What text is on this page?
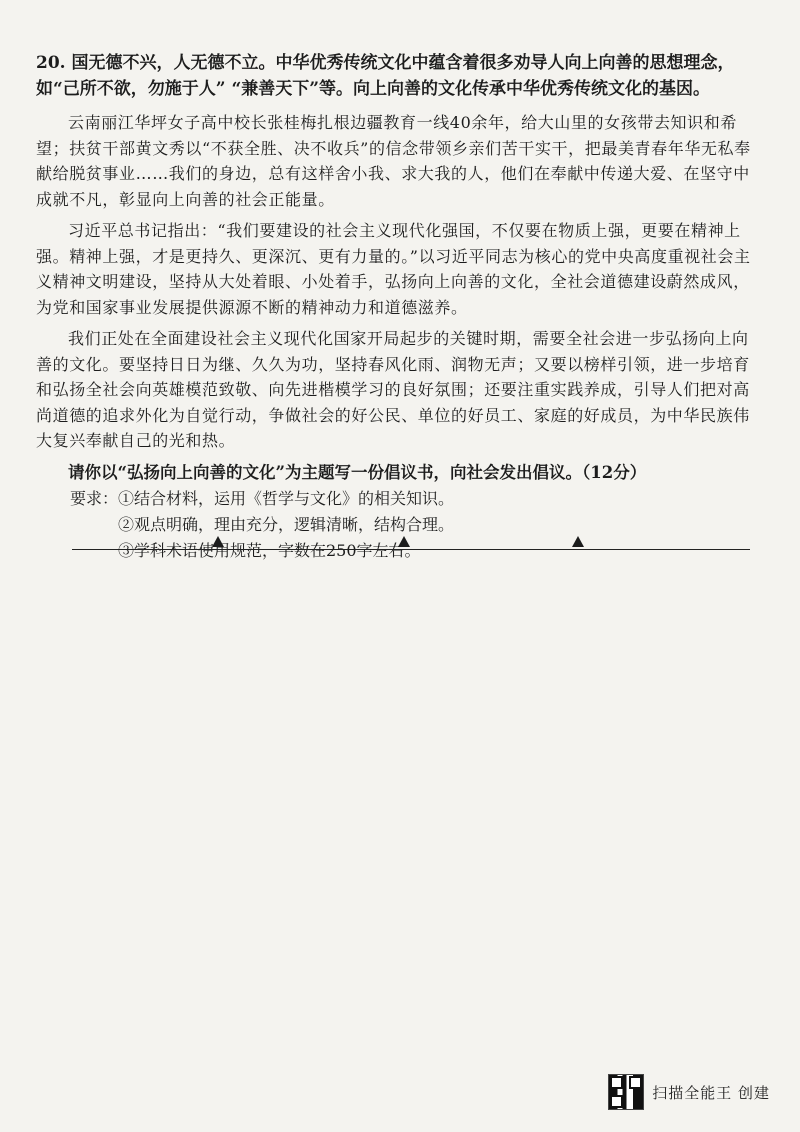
20. 国无德不兴，人无德不立。中华优秀传统文化中蕴含着很多劝导人向上向善的思想理念，

如“己所不欲，勿施于人” “兼善天下”等。向上向善的文化传承中华优秀传统文化的基因。

云南丽江华坪女子高中校长张桂梅扎根边疆教育一线40余年，给大山里的女孩带去知识和希望；扶贫干部黄文秀以“不获全胜、决不收兵”的信念带领乡亲们苦干实干，把最美青春年华无私奉献给脱贫事业……我们的身边，总有这样舍小我、求大我的人，他们在奉献中传递大爱、在坚守中成就不凡，彰显向上向善的社会正能量。

习近平总书记指出：“我们要建设的社会主义现代化强国，不仅要在物质上强，更要在精神上强。精神上强，才是更持久、更深沉、更有力量的。”以习近平同志为核心的党中央高度重视社会主义精神文明建设，坚持从大处着眼、小处着手，弘扬向上向善的文化，全社会道德建设蔚然成风，为党和国家事业发展提供源源不断的精神动力和道德滋养。

我们正处在全面建设社会主义现代化国家开局起步的关键时期，需要全社会进一步弘扬向上向善的文化。要坚持日日为继、久久为功，坚持春风化雨、润物无声；又要以榜样引领，进一步培育和弘扬全社会向英雄模范致敬、向先进楷模学习的良好氛围；还要注重实践养成，引导人们把对高尚道德的追求外化为自觉行动，争做社会的好公民、单位的好员工、家庭的好成员，为中华民族伟大复兴奉献自己的光和热。

请你以“弘扬向上向善的文化”为主题写一份倡议书，向社会发出倡议。（12分）

要求：①结合材料，运用《哲学与文化》的相关知识。
②观点明确，理由充分，逻辑清晰，结构合理。
③学科术语使用规范，字数在250字左右。
扫描全能王 创建
